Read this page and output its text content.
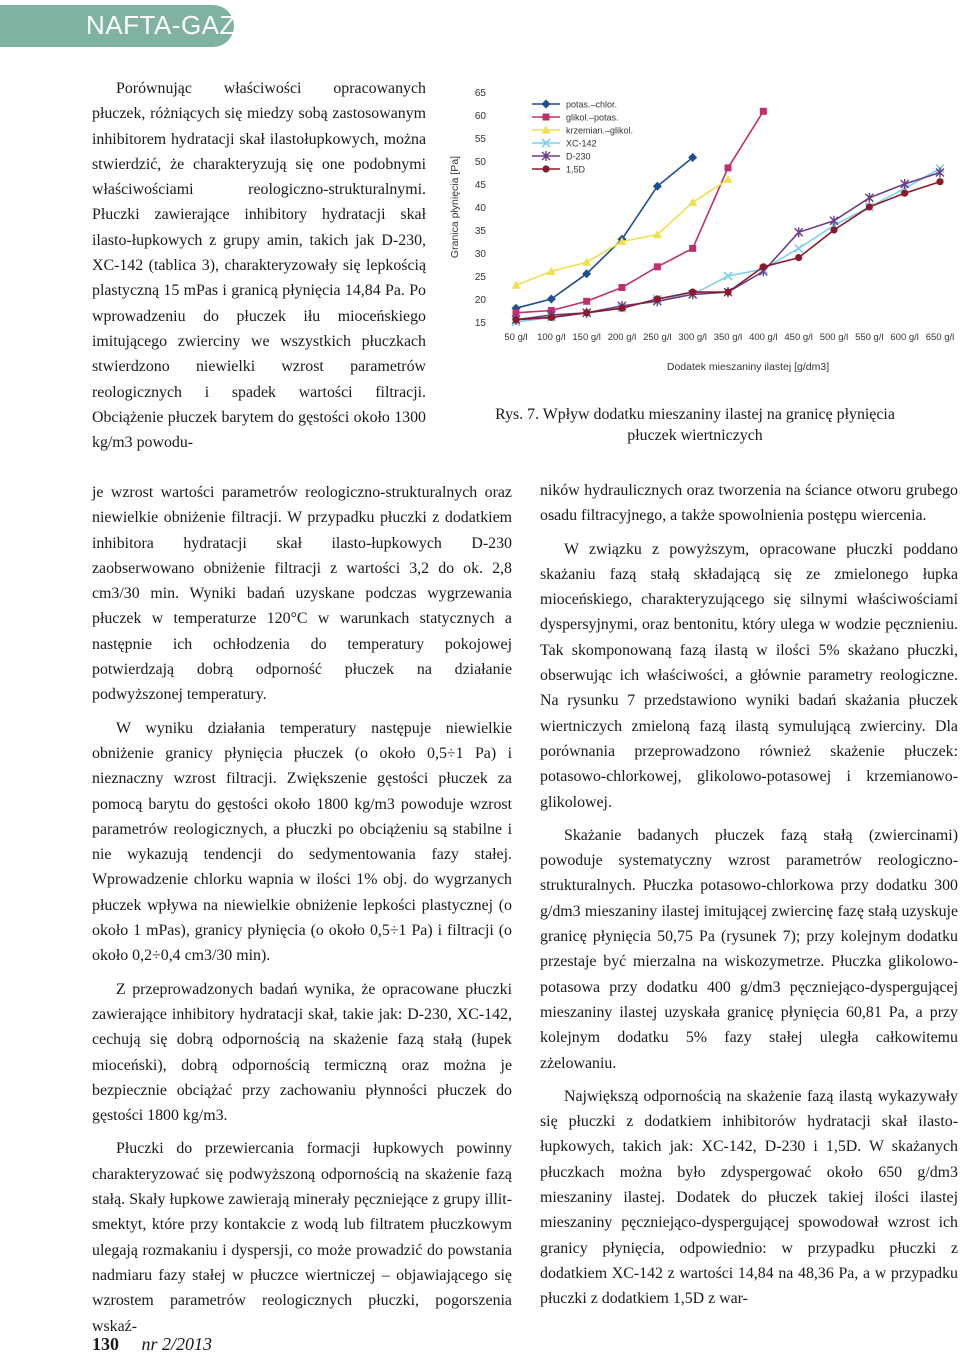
NAFTA-GAZ

Porównując właściwości opracowanych płuczek, różniących się miedzy sobą zastosowanym inhibitorem hydratacji skał ilastołupkowych, można stwierdzić, że charakteryzują się one podobnymi właściwościami reologiczno-strukturalnymi. Płuczki zawierające inhibitory hydratacji skał ilasto-łupkowych z grupy amin, takich jak D-230, XC-142 (tablica 3), charakteryzowały się lepkością plastyczną 15 mPas i granicą płynięcia 14,84 Pa. Po wprowadzeniu do płuczek iłu mioceńskiego imitującego zwierciny we wszystkich płuczkach stwierdzono niewielki wzrost parametrów reologicznych i spadek wartości filtracji. Obciążenie płuczek barytem do gęstości około 1300 kg/m3 powodu-

15
20
25
30
35
40
45
50
55
60
65
Granica płynięcia [Pa]
50 g/l 100 g/l 150 g/l 200 g/l 250 g/l 300 g/l 350 g/l 400 g/l 450 g/l 500 g/l 550 g/l 600 g/l 650 g/l
Dodatek mieszaniny ilastej [g/dm3]
potas.–chlor.
glikol.–potas.
krzemian.–glikol.
XC-142
D-230
1,5D
Rys. 7. Wpływ dodatku mieszaniny ilastej na granicę płynięcia płuczek wiertniczych

je wzrost wartości parametrów reologiczno-strukturalnych oraz niewielkie obniżenie filtracji. W przypadku płuczki z dodatkiem inhibitora hydratacji skał ilasto-łupkowych D-230 zaobserwowano obniżenie filtracji z wartości 3,2 do ok. 2,8 cm3/30 min. Wyniki badań uzyskane podczas wygrzewania płuczek w temperaturze 120°C w warunkach statycznych a następnie ich ochłodzenia do temperatury pokojowej potwierdzają dobrą odporność płuczek na działanie podwyższonej temperatury.

W wyniku działania temperatury następuje niewielkie obniżenie granicy płynięcia płuczek (o około 0,5÷1 Pa) i nieznaczny wzrost filtracji. Zwiększenie gęstości płuczek za pomocą barytu do gęstości około 1800 kg/m3 powoduje wzrost parametrów reologicznych, a płuczki po obciążeniu są stabilne i nie wykazują tendencji do sedymentowania fazy stałej. Wprowadzenie chlorku wapnia w ilości 1% obj. do wygrzanych płuczek wpływa na niewielkie obniżenie lepkości plastycznej (o około 1 mPas), granicy płynięcia (o około 0,5÷1 Pa) i filtracji (o około 0,2÷0,4 cm3/30 min).

Z przeprowadzonych badań wynika, że opracowane płuczki zawierające inhibitory hydratacji skał, takie jak: D-230, XC-142, cechują się dobrą odpornością na skażenie fazą stałą (łupek mioceński), dobrą odpornością termiczną oraz można je bezpiecznie obciążać przy zachowaniu płynności płuczek do gęstości 1800 kg/m3.

Płuczki do przewiercania formacji łupkowych powinny charakteryzować się podwyższoną odpornością na skażenie fazą stałą. Skały łupkowe zawierają minerały pęczniejące z grupy illit-smektyt, które przy kontakcie z wodą lub filtratem płuczkowym ulegają rozmakaniu i dyspersji, co może prowadzić do powstania nadmiaru fazy stałej w płuczce wiertniczej – objawiającego się wzrostem parametrów reologicznych płuczki, pogorszenia wskaź-

ników hydraulicznych oraz tworzenia na ściance otworu grubego osadu filtracyjnego, a także spowolnienia postępu wiercenia.

W związku z powyższym, opracowane płuczki poddano skażaniu fazą stałą składającą się ze zmielonego łupka mioceńskiego, charakteryzującego się silnymi właściwościami dyspersyjnymi, oraz bentonitu, który ulega w wodzie pęcznieniu. Tak skomponowaną fazą ilastą w ilości 5% skażano płuczki, obserwując ich właściwości, a głównie parametry reologiczne. Na rysunku 7 przedstawiono wyniki badań skażania płuczek wiertniczych zmieloną fazą ilastą symulującą zwierciny. Dla porównania przeprowadzono również skażenie płuczek: potasowo-chlorkowej, glikolowo-potasowej i krzemianowo-glikolowej.

Skażanie badanych płuczek fazą stałą (zwiercinami) powoduje systematyczny wzrost parametrów reologiczno-strukturalnych. Płuczka potasowo-chlorkowa przy dodatku 300 g/dm3 mieszaniny ilastej imitującej zwiercinę fazę stałą uzyskuje granicę płynięcia 50,75 Pa (rysunek 7); przy kolejnym dodatku przestaje być mierzalna na wiskozymetrze. Płuczka glikolowo-potasowa przy dodatku 400 g/dm3 pęczniejąco-dyspergującej mieszaniny ilastej uzyskała granicę płynięcia 60,81 Pa, a przy kolejnym dodatku 5% fazy stałej uległa całkowitemu zżelowaniu.

Największą odpornością na skażenie fazą ilastą wykazywały się płuczki z dodatkiem inhibitorów hydratacji skał ilasto-łupkowych, takich jak: XC-142, D-230 i 1,5D. W skażanych płuczkach można było zdyspergować około 650 g/dm3 mieszaniny ilastej. Dodatek do płuczek takiej ilości ilastej mieszaniny pęczniejąco-dyspergującej spowodował wzrost ich granicy płynięcia, odpowiednio: w przypadku płuczki z dodatkiem XC-142 z wartości 14,84 na 48,36 Pa, a w przypadku płuczki z dodatkiem 1,5D z war-

130 nr 2/2013
